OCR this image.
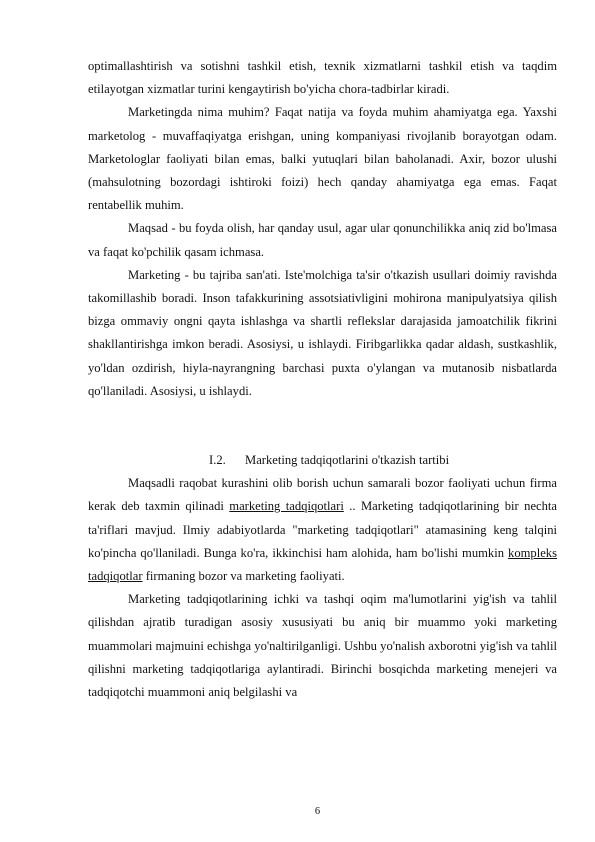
optimallashtirish va sotishni tashkil etish, texnik xizmatlarni tashkil etish va taqdim etilayotgan xizmatlar turini kengaytirish bo'yicha chora-tadbirlar kiradi.

Marketingda nima muhim? Faqat natija va foyda muhim ahamiyatga ega. Yaxshi marketolog - muvaffaqiyatga erishgan, uning kompaniyasi rivojlanib borayotgan odam. Marketologlar faoliyati bilan emas, balki yutuqlari bilan baholanadi. Axir, bozor ulushi (mahsulotning bozordagi ishtiroki foizi) hech qanday ahamiyatga ega emas. Faqat rentabellik muhim.

Maqsad - bu foyda olish, har qanday usul, agar ular qonunchilikka aniq zid bo'lmasa va faqat ko'pchilik qasam ichmasa.

Marketing - bu tajriba san'ati. Iste'molchiga ta'sir o'tkazish usullari doimiy ravishda takomillashib boradi. Inson tafakkurining assotsiativligini mohirona manipulyatsiya qilish bizga ommaviy ongni qayta ishlashga va shartli reflekslar darajasida jamoatchilik fikrini shakllantirishga imkon beradi. Asosiysi, u ishlaydi. Firibgarlikka qadar aldash, sustkashlik, yo'ldan ozdirish, hiyla-nayrangning barchasi puxta o'ylangan va mutanosib nisbatlarda qo'llaniladi. Asosiysi, u ishlaydi.

I.2. Marketing tadqiqotlarini o'tkazish tartibi

Maqsadli raqobat kurashini olib borish uchun samarali bozor faoliyati uchun firma kerak deb taxmin qilinadi marketing tadqiqotlari .. Marketing tadqiqotlarining bir nechta ta'riflari mavjud. Ilmiy adabiyotlarda "marketing tadqiqotlari" atamasining keng talqini ko'pincha qo'llaniladi. Bunga ko'ra, ikkinchisi ham alohida, ham bo'lishi mumkin kompleks tadqiqotlar firmaning bozor va marketing faoliyati.

Marketing tadqiqotlarining ichki va tashqi oqim ma'lumotlarini yig'ish va tahlil qilishdan ajratib turadigan asosiy xususiyati bu aniq bir muammo yoki marketing muammolari majmuini echishga yo'naltirilganligi. Ushbu yo'nalish axborotni yig'ish va tahlil qilishni marketing tadqiqotlariga aylantiradi. Birinchi bosqichda marketing menejeri va tadqiqotchi muammoni aniq belgilashi va

6
